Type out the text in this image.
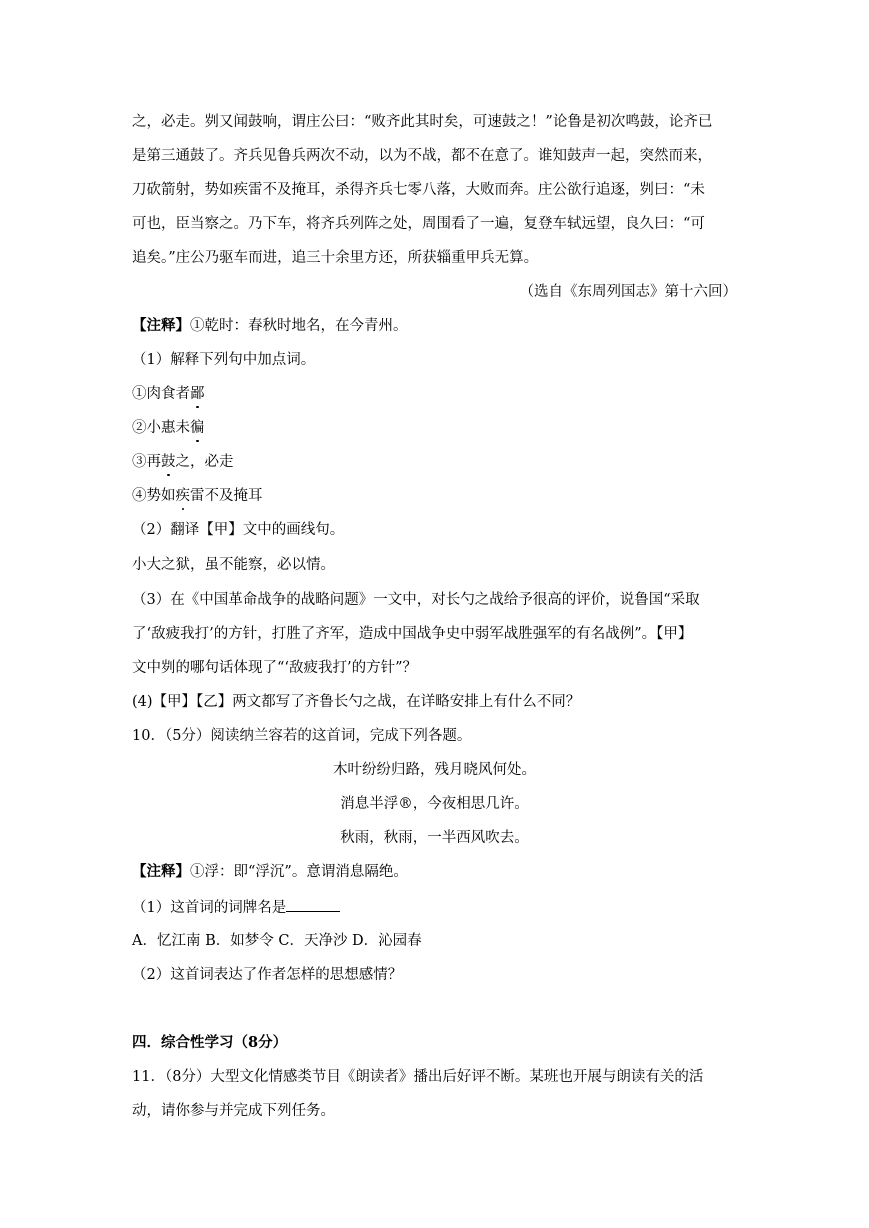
之，必走。刿又闻鼓响，谓庄公曰：“败齐此其时矣，可速鼓之！”论鲁是初次鸣鼓，论齐已
是第三通鼓了。齐兵见鲁兵两次不动，以为不战，都不在意了。谁知鼓声一起，突然而来，
刀砍箭射，势如疾雷不及掩耳，杀得齐兵七零八落，大败而奔。庄公欲行追逐，刿曰：“未
可也，臣当察之。乃下车，将齐兵列阵之处，周围看了一遍，复登车轼远望，良久曰：“可
追矣。”庄公乃驱车而进，追三十余里方还，所获辎重甲兵无算。
（选自《东周列国志》第十六回）
【注释】①乾时：春秋时地名，在今青州。
（1）解释下列句中加点词。
①肉食者鄙
②小惠未徧
③再鼓之，必走
④势如疾雷不及掩耳
（2）翻译【甲】文中的画线句。
小大之狱，虽不能察，必以情。
（3）在《中国革命战争的战略问题》一文中，对长勺之战给予很高的评价，说鲁国“采取
了‘敌疲我打’的方针，打胜了齐军，造成中国战争史中弱军战胜强军的有名战例”。【甲】
文中刿的哪句话体现了“‘敌疲我打’的方针”？
(4)【甲】【乙】两文都写了齐鲁长勺之战，在详略安排上有什么不同？
10．（5分）阅读纳兰容若的这首词，完成下列各题。
木叶纷纷归路，残月晓风何处。
消息半浮®，今夜相思几许。
秋雨，秋雨，一半西风吹去。
【注释】①浮：即“浮沉”。意谓消息隔绝。
（1）这首词的词牌名是
A．忆江南 B．如梦令 C．天净沙 D．沁园春
（2）这首词表达了作者怎样的思想感情？
四．综合性学习（8分）
11．（8分）大型文化情感类节目《朗读者》播出后好评不断。某班也开展与朗读有关的活
动，请你参与并完成下列任务。
